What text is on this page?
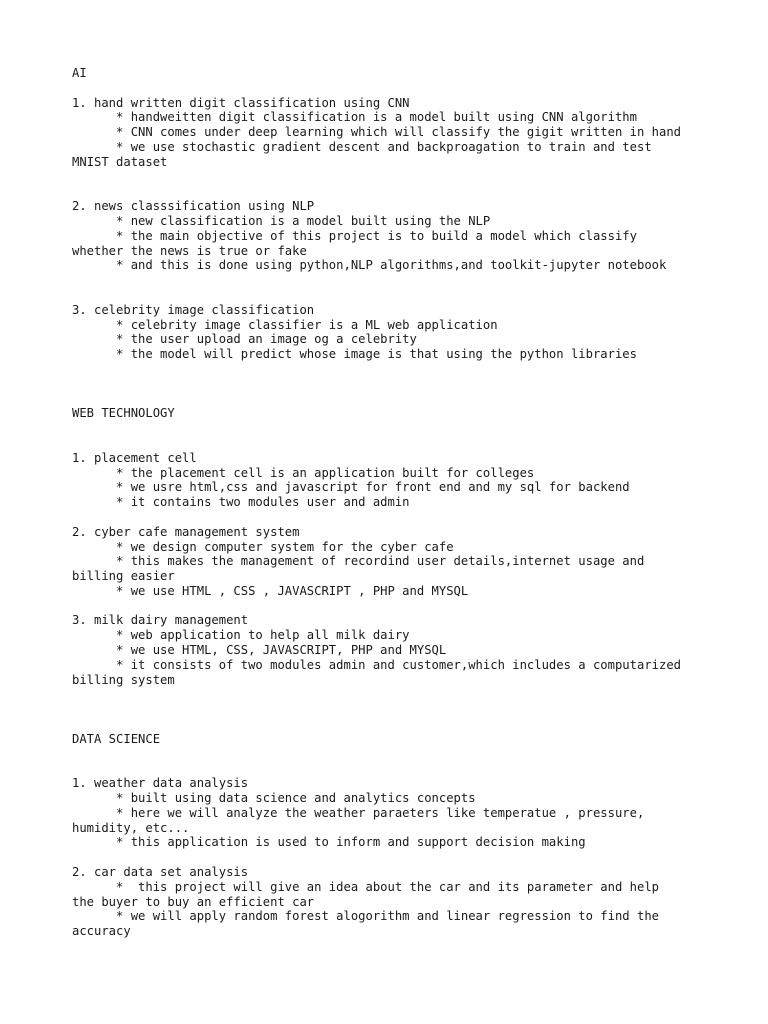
AI
1. hand written digit classification using CNN
* handweitten digit classification is a model built using CNN algorithm
* CNN comes under deep learning which will classify the gigit written in hand
* we use stochastic gradient descent and backproagation to train and test
MNIST dataset
2. news classsification using NLP
* new classification is a model built using the NLP
* the main objective of this project is to build a model which classify
whether the news is true or fake
* and this is done using python,NLP algorithms,and toolkit-jupyter notebook
3. celebrity image classification
* celebrity image classifier is a ML web application
* the user upload an image og a celebrity
* the model will predict whose image is that using the python libraries
WEB TECHNOLOGY
1. placement cell
* the placement cell is an application built for colleges
* we usre html,css and javascript for front end and my sql for backend
* it contains two modules user and admin
2. cyber cafe management system
* we design computer system for the cyber cafe
* this makes the management of recordind user details,internet usage and
billing easier
* we use HTML , CSS , JAVASCRIPT , PHP and MYSQL
3. milk dairy management
* web application to help all milk dairy
* we use HTML, CSS, JAVASCRIPT, PHP and MYSQL
* it consists of two modules admin and customer,which includes a computarized
billing system
DATA SCIENCE
1. weather data analysis
* built using data science and analytics concepts
* here we will analyze the weather paraeters like temperatue , pressure,
humidity, etc...
* this application is used to inform and support decision making
2. car data set analysis
*  this project will give an idea about the car and its parameter and help
the buyer to buy an efficient car
* we will apply random forest alogorithm and linear regression to find the
accuracy
